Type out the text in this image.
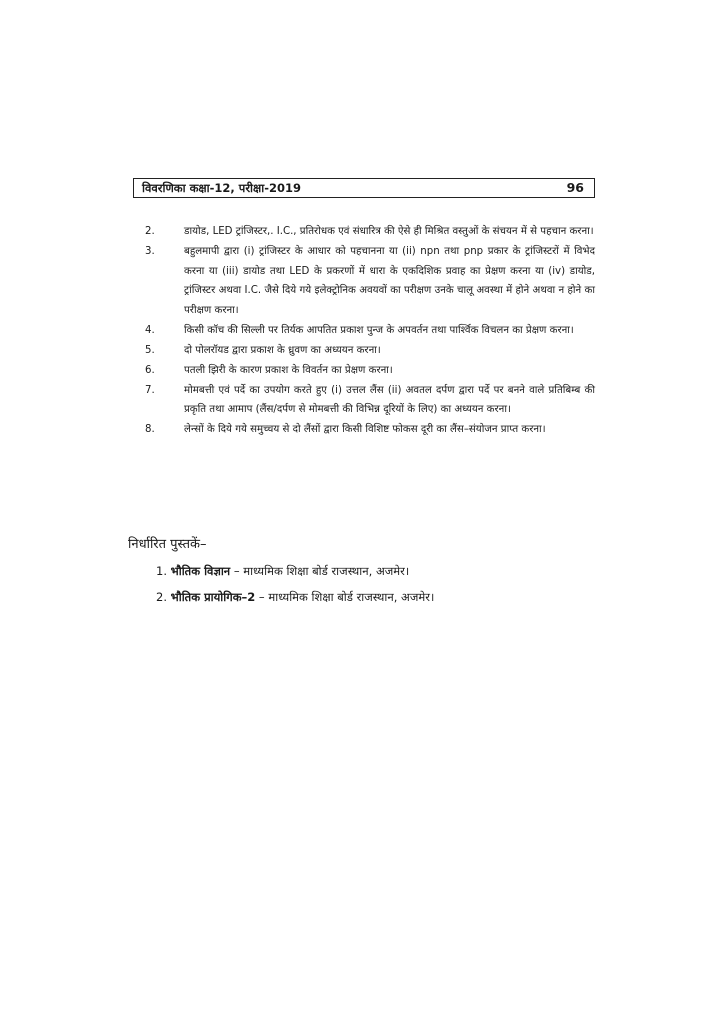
विवरणिका कक्षा-12, परीक्षा-2019	96
2.	डायोड, LED ट्रांजिस्टर,. I.C., प्रतिरोधक एवं संधारित्र की ऐसे ही मिश्रित वस्तुओं के संचयन में से पहचान करना।
3.	बहुलमापी द्वारा (i) ट्रांजिस्टर के आधार को पहचानना या (ii) npn तथा pnp प्रकार के ट्रांजिस्टरों में विभेद करना या (iii) डायोड तथा LED के प्रकरणों में धारा के एकदिशिक प्रवाह का प्रेक्षण करना या (iv) डायोड, ट्रांजिस्टर अथवा I.C. जैसे दिये गये इलेक्ट्रोनिक अवयवों का परीक्षण उनके चालू अवस्था में होने अथवा न होने का परीक्षण करना।
4.	किसी कॉच की सिल्ली पर तिर्यक आपतित प्रकाश पुन्ज के अपवर्तन तथा पार्श्विक विचलन का प्रेक्षण करना।
5.	दो पोलरॉयड द्वारा प्रकाश के ध्रुवण का अध्ययन करना।
6.	पतली झिरी के कारण प्रकाश के विवर्तन का प्रेक्षण करना।
7.	मोमबत्ती एवं पर्दे का उपयोग करते हुए (i) उत्तल लैंस (ii) अवतल दर्पण द्वारा पर्दे पर बनने वाले प्रतिबिम्ब की प्रकृति तथा आमाप (लैंस/दर्पण से मोमबत्ती की विभिन्न दूरियों के लिए) का अध्ययन करना।
8.	लेन्सों के दिये गये समुच्चय से दो लैंसों द्वारा किसी विशिष्ट फोकस दूरी का लैंस–संयोजन प्राप्त करना।
निर्धारित पुस्तकें–
1. भौतिक विज्ञान – माध्यमिक शिक्षा बोर्ड राजस्थान, अजमेर।
2. भौतिक प्रायोगिक–2 – माध्यमिक शिक्षा बोर्ड राजस्थान, अजमेर।
